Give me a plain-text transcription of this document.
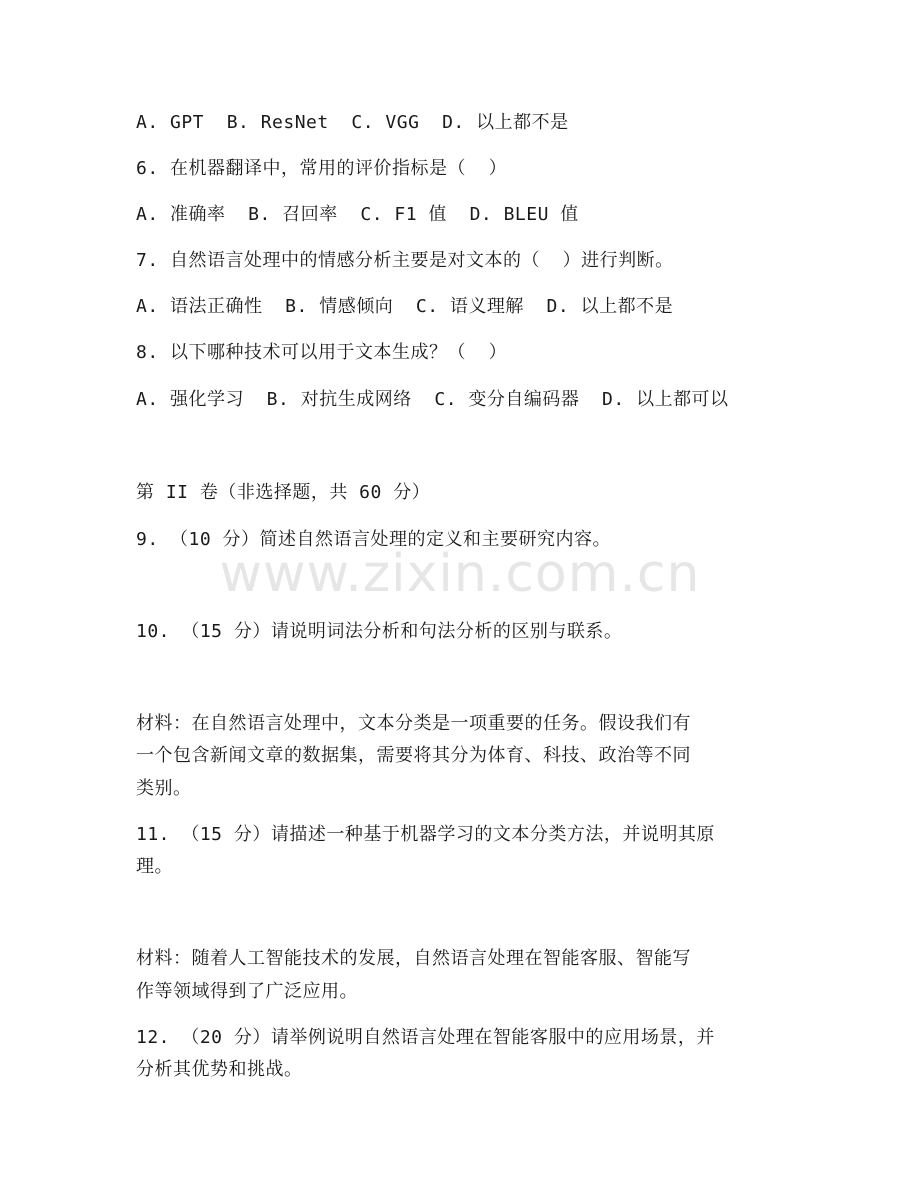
www.zixin.com.cn
A. GPT  B. ResNet  C. VGG  D. 以上都不是
6. 在机器翻译中，常用的评价指标是（  ）
A. 准确率  B. 召回率  C. F1 值  D. BLEU 值
7. 自然语言处理中的情感分析主要是对文本的（  ）进行判断。
A. 语法正确性  B. 情感倾向  C. 语义理解  D. 以上都不是
8. 以下哪种技术可以用于文本生成？（  ）
A. 强化学习  B. 对抗生成网络  C. 变分自编码器  D. 以上都可以
第 II 卷（非选择题，共 60 分）
9. （10 分）简述自然语言处理的定义和主要研究内容。
10. （15 分）请说明词法分析和句法分析的区别与联系。
材料：在自然语言处理中，文本分类是一项重要的任务。假设我们有
一个包含新闻文章的数据集，需要将其分为体育、科技、政治等不同
类别。
11. （15 分）请描述一种基于机器学习的文本分类方法，并说明其原
理。
材料：随着人工智能技术的发展，自然语言处理在智能客服、智能写
作等领域得到了广泛应用。
12. （20 分）请举例说明自然语言处理在智能客服中的应用场景，并
分析其优势和挑战。
